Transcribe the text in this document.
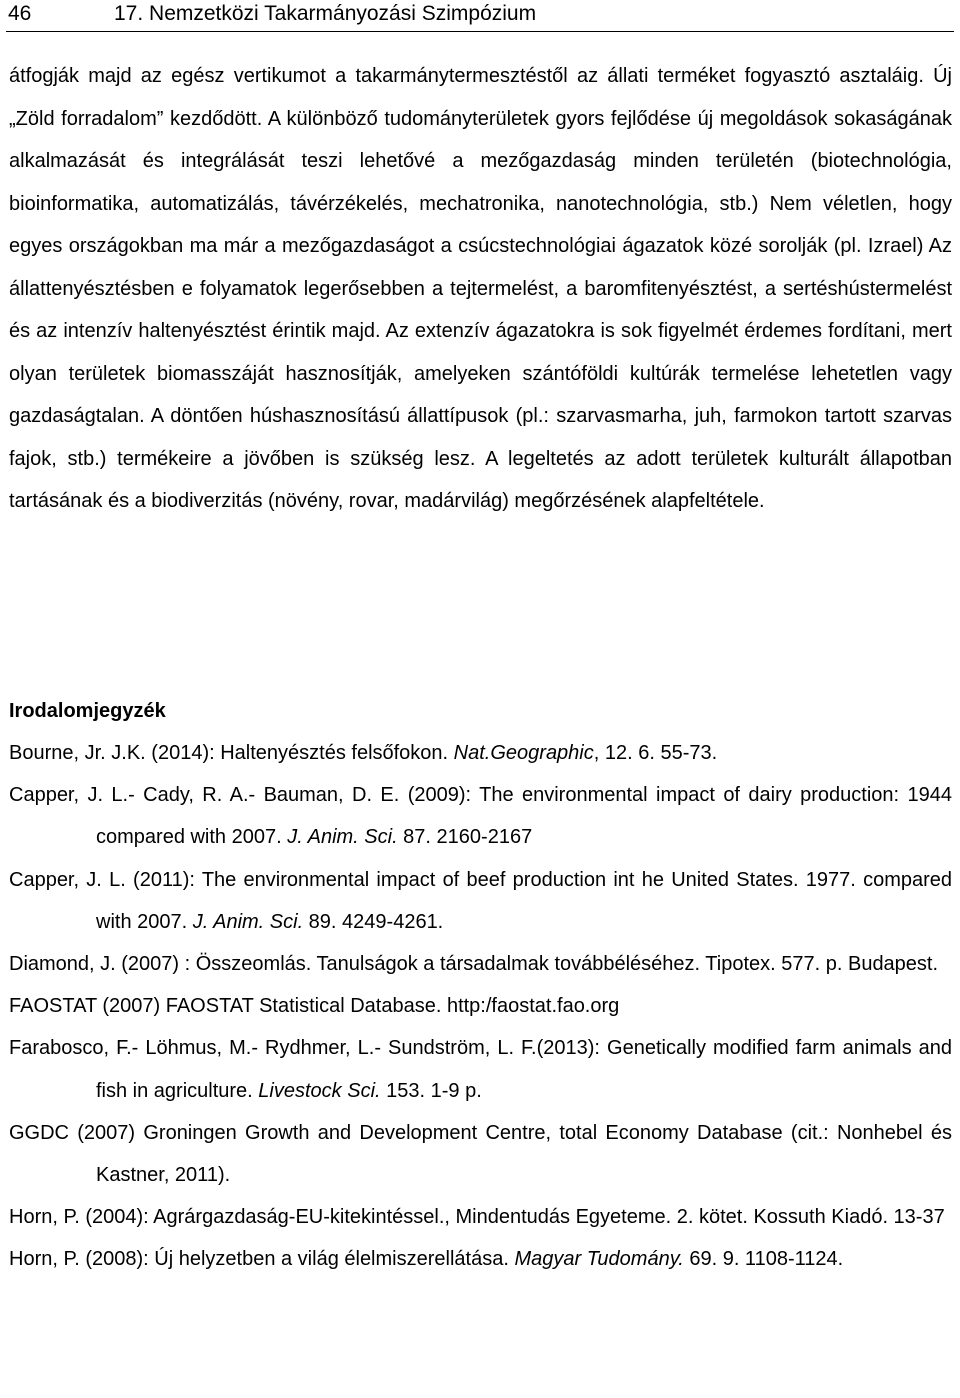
46	17. Nemzetközi Takarmányozási Szimpózium

átfogják majd az egész vertikumot a takarmánytermesztéstől az állati terméket fogyasztó asztaláig. Új „Zöld forradalom” kezdődött. A különböző tudományterületek gyors fejlődése új megoldások sokaságának alkalmazását és integrálását teszi lehetővé a mezőgazdaság minden területén (biotechnológia, bioinformatika, automatizálás, távérzékelés, mechatronika, nanotechnológia, stb.) Nem véletlen, hogy egyes országokban ma már a mezőgazdaságot a csúcstechnológiai ágazatok közé sorolják (pl. Izrael) Az állattenyésztésben e folyamatok legerősebben a tejtermelést, a baromfitenyésztést, a sertéshústermelést és az intenzív haltenyésztést érintik majd. Az extenzív ágazatokra is sok figyelmét érdemes fordítani, mert olyan területek biomasszáját hasznosítják, amelyeken szántóföldi kultúrák termelése lehetetlen vagy gazdaságtalan. A döntően húshasznosítású állattípusok (pl.: szarvasmarha, juh, farmokon tartott szarvas fajok, stb.) termékeire a jövőben is szükség lesz. A legeltetés az adott területek kulturált állapotban tartásának és a biodiverzitás (növény, rovar, madárvilág) megőrzésének alapfeltétele.

Irodalomjegyzék
Bourne, Jr. J.K. (2014): Haltenyésztés felsőfokon. Nat.Geographic, 12. 6. 55-73.
Capper, J. L.- Cady, R. A.- Bauman, D. E. (2009): The environmental impact of dairy production: 1944 compared with 2007. J. Anim. Sci. 87. 2160-2167
Capper, J. L. (2011): The environmental impact of beef production int he United States. 1977. compared with 2007. J. Anim. Sci. 89. 4249-4261.
Diamond, J. (2007) : Összeomlás. Tanulságok a társadalmak továbbéléséhez. Tipotex. 577. p. Budapest.
FAOSTAT (2007) FAOSTAT Statistical Database. http:/faostat.fao.org
Farabosco, F.- Löhmus, M.- Rydhmer, L.- Sundström, L. F.(2013): Genetically modified farm animals and fish in agriculture. Livestock Sci. 153. 1-9 p.
GGDC (2007) Groningen Growth and Development Centre, total Economy Database (cit.: Nonhebel és Kastner, 2011).
Horn, P. (2004): Agrárgazdaság-EU-kitekintéssel., Mindentudás Egyeteme. 2. kötet. Kossuth Kiadó. 13-37
Horn, P. (2008): Új helyzetben a világ élelmiszerellátása. Magyar Tudomány. 69. 9. 1108-1124.
